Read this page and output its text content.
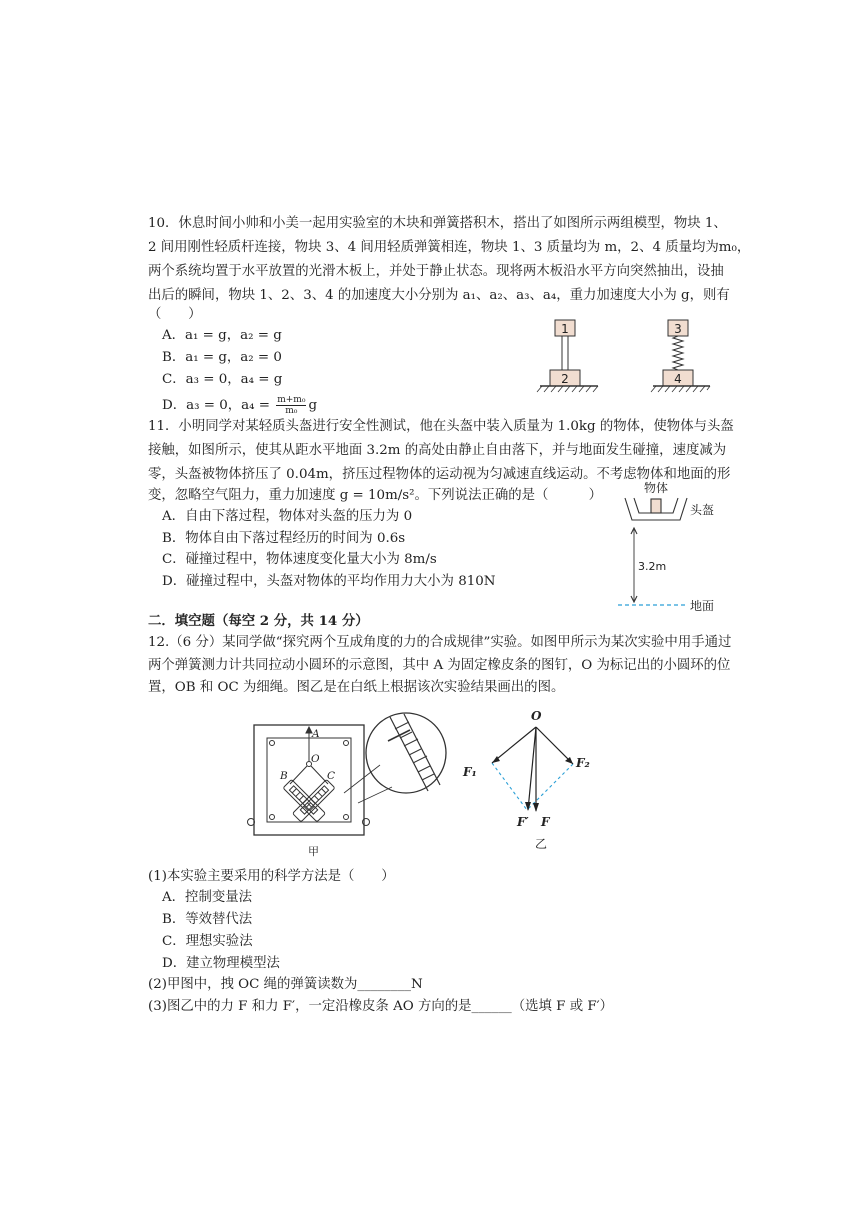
10．休息时间小帅和小美一起用实验室的木块和弹簧搭积木，搭出了如图所示两组模型，物块 1、
2 间用刚性轻质杆连接，物块 3、4 间用轻质弹簧相连，物块 1、3 质量均为 m，2、4 质量均为m₀，
两个系统均置于水平放置的光滑木板上，并处于静止状态。现将两木板沿水平方向突然抽出，设抽
出后的瞬间，物块 1、2、3、4 的加速度大小分别为 a₁、a₂、a₃、a₄，重力加速度大小为 g，则有
（　　）
A．a₁ = g，a₂ = g
B．a₁ = g，a₂ = 0
C．a₃ = 0，a₄ = g
D．a₃ = 0，$a_4 = \frac{\text{m+m₀}}{\text{m₀}}$ g
1
2
3
4
11．小明同学对某轻质头盔进行安全性测试，他在头盔中装入质量为 1.0kg 的物体，使物体与头盔
接触，如图所示，使其从距水平地面 3.2m 的高处由静止自由落下，并与地面发生碰撞，速度减为
零，头盔被物体挤压了 0.04m，挤压过程物体的运动视为匀减速直线运动。不考虑物体和地面的形
变，忽略空气阻力，重力加速度 g = 10m/s²。下列说法正确的是（　　　）
A．自由下落过程，物体对头盔的压力为 0
B．物体自由下落过程经历的时间为 0.6s
C．碰撞过程中，物体速度变化量大小为 8m/s
D．碰撞过程中，头盔对物体的平均作用力大小为 810N
物体
头盔
3.2m
地面
二．填空题（每空 2 分，共 14 分）
12.（6 分）某同学做“探究两个互成角度的力的合成规律”实验。如图甲所示为某次实验中用手通过
两个弹簧测力计共同拉动小圆环的示意图，其中 A 为固定橡皮条的图钉，O 为标记出的小圆环的位
置，OB 和 OC 为细绳。图乙是在白纸上根据该次实验结果画出的图。
A
O
B	C
甲
O
F₁
F₂
F′ F
乙
(1)本实验主要采用的科学方法是（　　）
A．控制变量法
B．等效替代法
C．理想实验法
D．建立物理模型法
(2)甲图中，拽 OC 绳的弹簧读数为________N
(3)图乙中的力 F 和力 F′，一定沿橡皮条 AO 方向的是______（选填 F 或 F′）
